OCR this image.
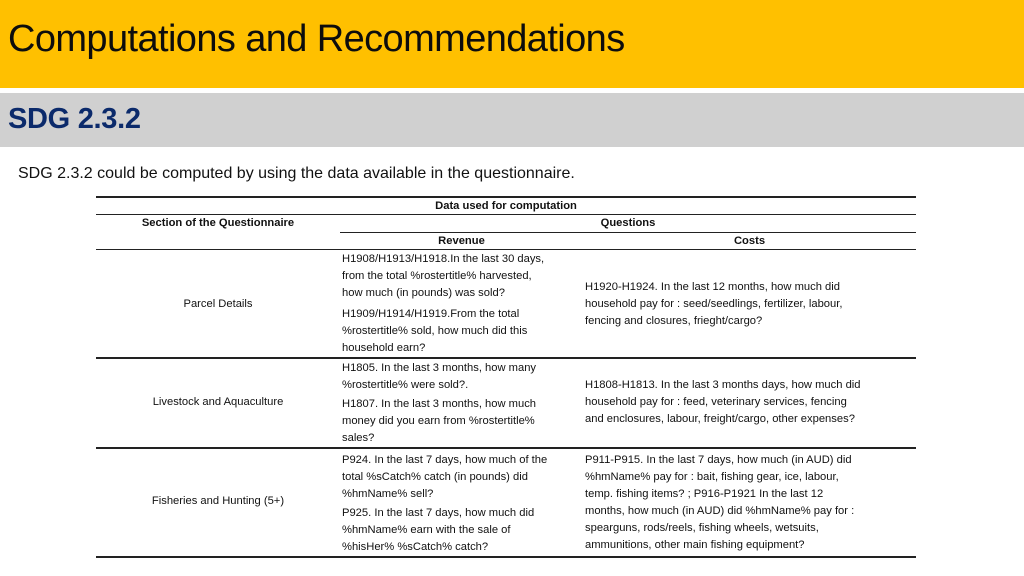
Computations and Recommendations
SDG 2.3.2
SDG 2.3.2 could be computed by using the data available in the questionnaire.
Data used for computation
Section of the Questionnaire	Questions
Revenue	Costs
Parcel Details
H1908/H1913/H1918.In the last 30 days,
from the total %rostertitle% harvested,
how much (in pounds) was sold?
H1909/H1914/H1919.From the total
%rostertitle% sold, how much did this
household earn?
H1920-H1924. In the last 12 months, how much did
household pay for : seed/seedlings, fertilizer, labour,
fencing and closures, frieght/cargo?
Livestock and Aquaculture
H1805. In the last 3 months, how many
%rostertitle% were sold?.
H1807. In the last 3 months, how much
money did you earn from %rostertitle%
sales?
H1808-H1813. In the last 3 months days, how much did
household pay for : feed, veterinary services, fencing
and enclosures, labour, freight/cargo, other expenses?
Fisheries and Hunting (5+)
P924. In the last 7 days, how much of the
total %sCatch% catch (in pounds) did
%hmName% sell?
P925. In the last 7 days, how much did
%hmName% earn with the sale of
%hisHer% %sCatch% catch?
P911-P915. In the last 7 days, how much (in AUD) did
%hmName% pay for : bait, fishing gear, ice, labour,
temp. fishing items? ; P916-P1921 In the last 12
months, how much (in AUD) did %hmName% pay for :
spearguns, rods/reels, fishing wheels, wetsuits,
ammunitions, other main fishing equipment?
